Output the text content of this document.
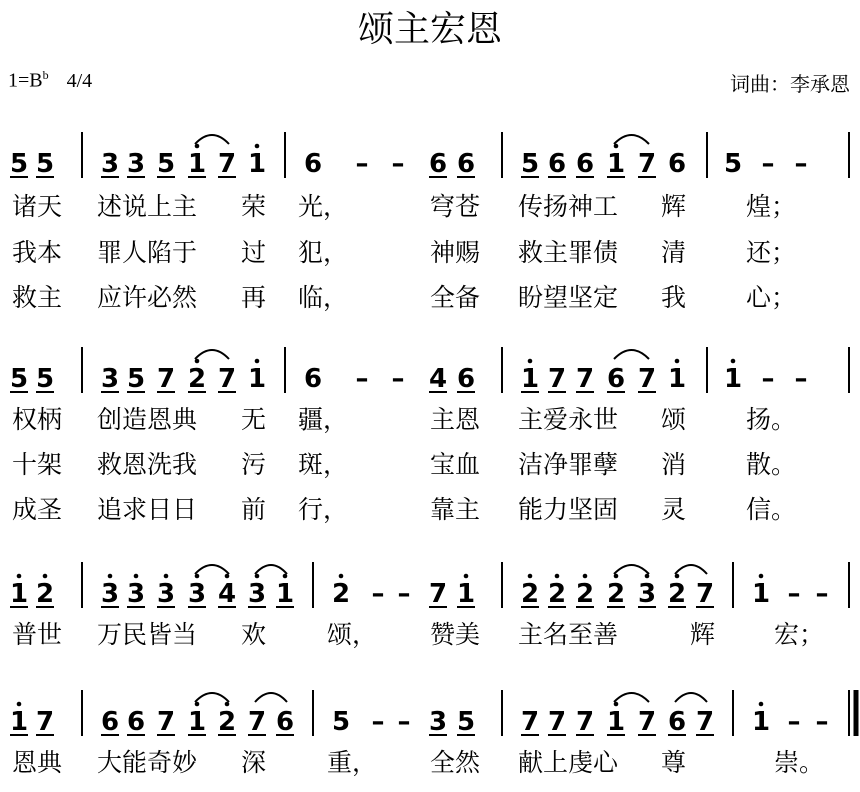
颂主宏恩
$1=B^b$ 4/4	词曲：李承恩
5 5 3 3 5 1 7 1 6 – – 6 6 5 6 6 1 7 6 5 – –
5 5 3 5 7 2 7 1 6 – – 4 6 1 7 7 6 7 1 1 – –
1 2 3 3 3 3 4 3 1 2 – – 7 1 2 2 2 2 3 2 7 1 – –
1 7 6 6 7 1 2 7 6 5 – – 3 5 7 7 7 1 7 6 7 1 – –
诸天 述说上主 荣 光，	穹苍 传扬神工 辉 煌；
我本 罪人陷于 过 犯，	神赐 救主罪债 清 还；
救主 应许必然 再 临，	全备 盼望坚定 我 心；
权柄 创造恩典 无 疆，	主恩 主爱永世 颂 扬。
十架 救恩洗我 污 斑，	宝血 洁净罪孽 消 散。
成圣 追求日日 前 行，	靠主 能力坚固 灵 信。
普世 万民皆当 欢 颂， 赞美 主名至善	辉 宏；
恩典 大能奇妙 深 重， 全然 献上虔心 尊	崇。
